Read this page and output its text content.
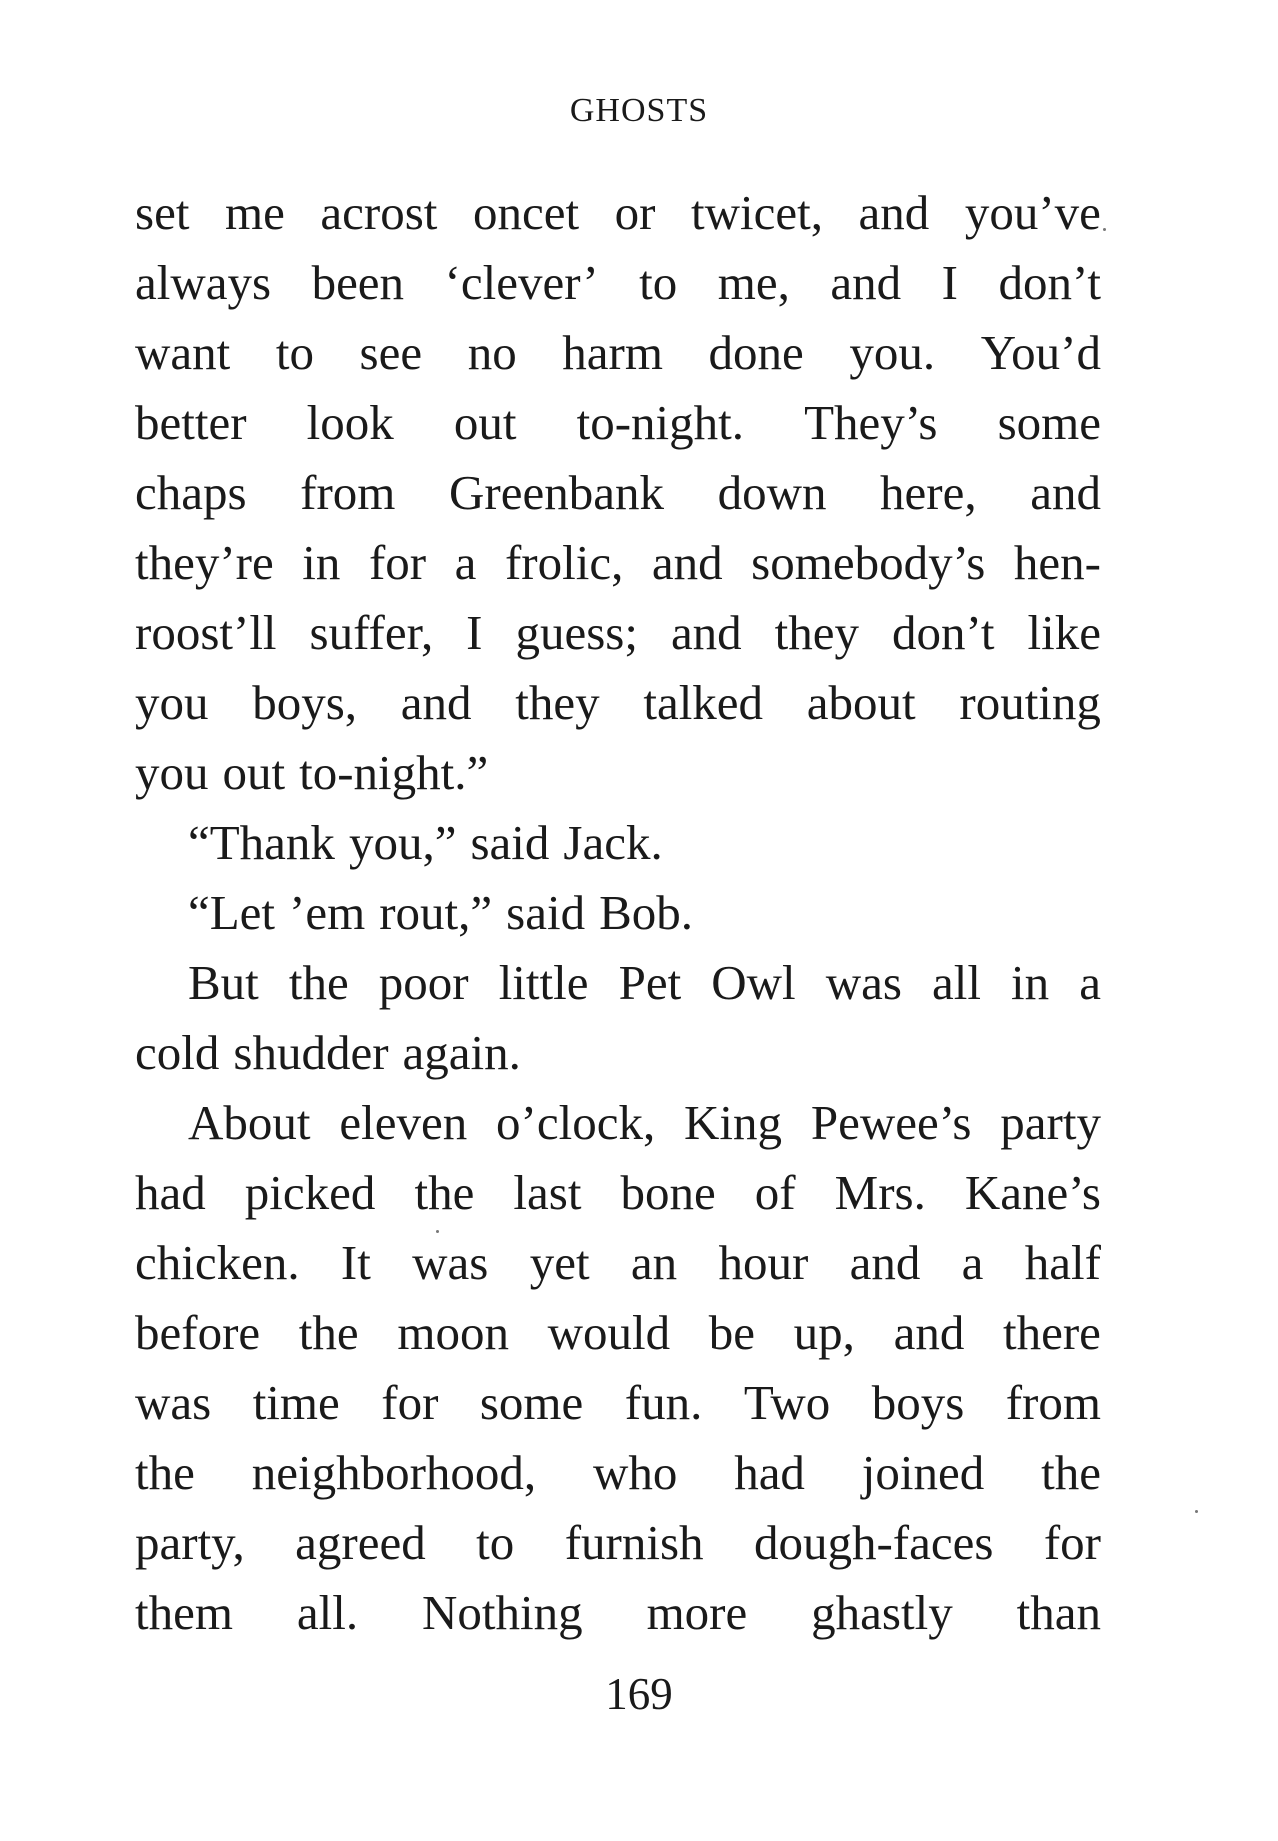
GHOSTS
set me acrost oncet or twicet, and you’ve
always been ‘clever’ to me, and I don’t
want to see no harm done you. You’d
better look out to-night. They’s some
chaps from Greenbank down here, and
they’re in for a frolic, and somebody’s hen-
roost’ll suffer, I guess; and they don’t like
you boys, and they talked about routing
you out to-night.”
“Thank you,” said Jack.
“Let ’em rout,” said Bob.
But the poor little Pet Owl was all in a
cold shudder again.
About eleven o’clock, King Pewee’s party
had picked the last bone of Mrs. Kane’s
chicken. It was yet an hour and a half
before the moon would be up, and there
was time for some fun. Two boys from
the neighborhood, who had joined the
party, agreed to furnish dough-faces for
them all. Nothing more ghastly than
169
